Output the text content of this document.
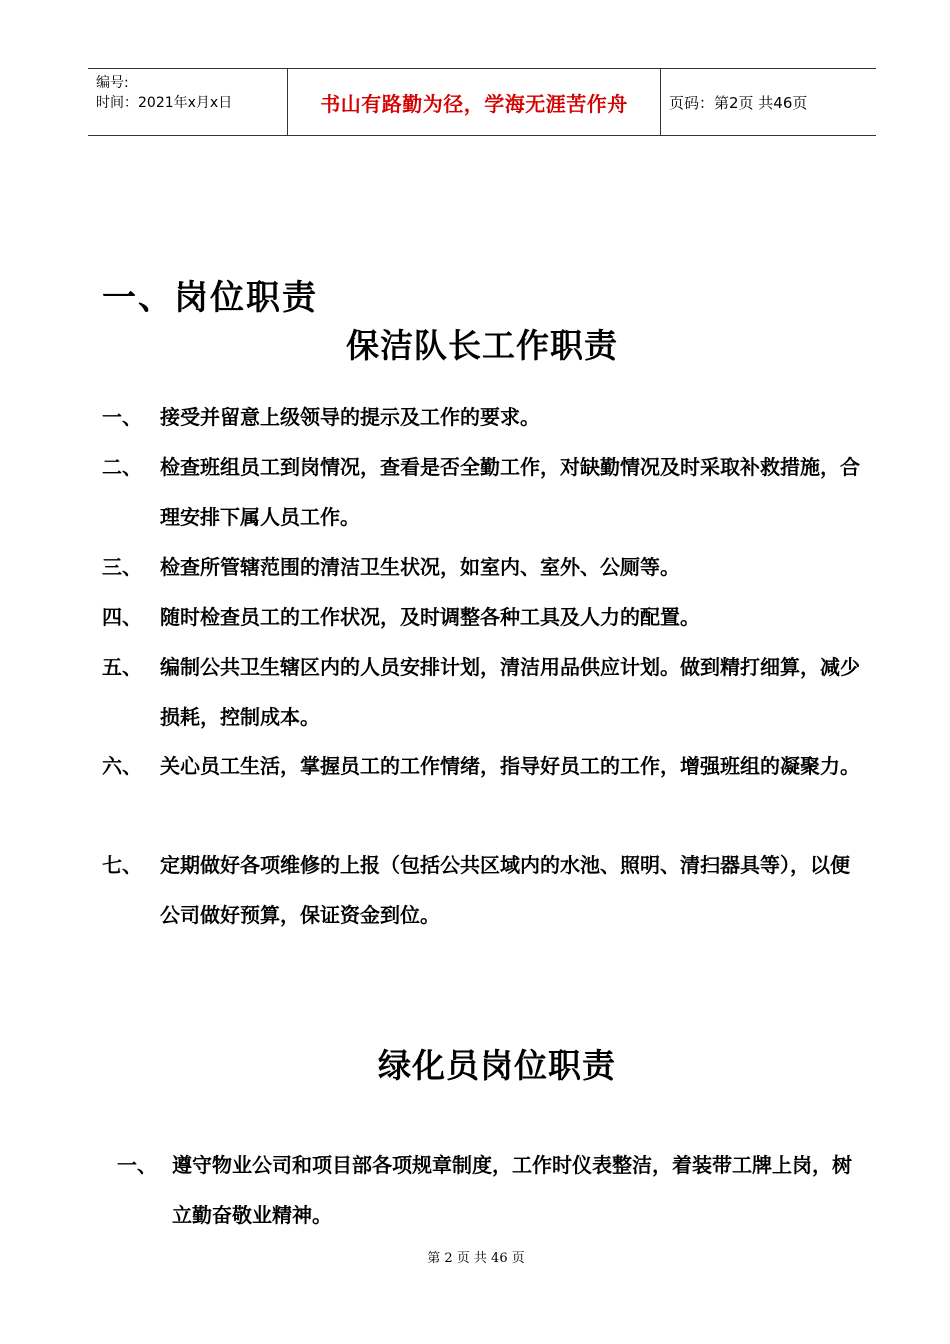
编号:
时间：2021年x月x日	书山有路勤为径，学海无涯苦作舟	页码：第2页 共46页
一、岗位职责
保洁队长工作职责
一、 接受并留意上级领导的提示及工作的要求。
二、 检查班组员工到岗情况，查看是否全勤工作，对缺勤情况及时采取补救措施，合理安排下属人员工作。
三、 检查所管辖范围的清洁卫生状况，如室内、室外、公厕等。
四、 随时检查员工的工作状况，及时调整各种工具及人力的配置。
五、 编制公共卫生辖区内的人员安排计划，清洁用品供应计划。做到精打细算，减少损耗，控制成本。
六、 关心员工生活，掌握员工的工作情绪，指导好员工的工作，增强班组的凝聚力。
七、 定期做好各项维修的上报（包括公共区域内的水池、照明、清扫器具等），以便公司做好预算，保证资金到位。
绿化员岗位职责
一、 遵守物业公司和项目部各项规章制度，工作时仪表整洁，着装带工牌上岗，树立勤奋敬业精神。
第 2 页 共 46 页
